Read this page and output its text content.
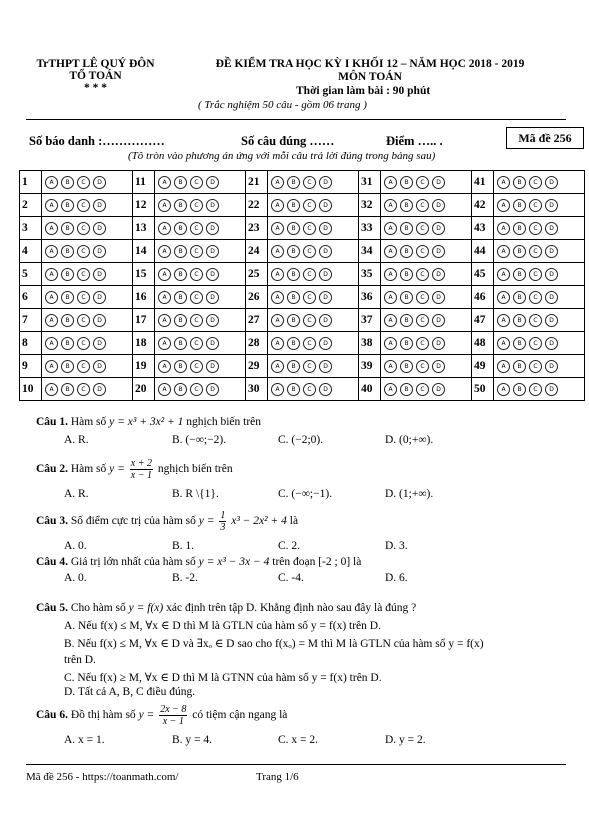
TrTHPT LÊ QUÝ ĐÔN
TỔ TOÁN
* * *
ĐỀ KIỂM TRA HỌC KỲ I KHỐI 12 – NĂM HỌC 2018 - 2019
MÔN TOÁN
Thời gian làm bài : 90 phút
( Trắc nghiệm 50 câu - gồm 06 trang )
Số báo danh :……………	Số câu đúng ……	Điểm ….. .	Mã đề 256
(Tô tròn vào phương án ứng với mỗi câu trả lời đúng trong bảng sau)
1	A B C D	11	A B C D	21	A B C D	31	A B C D	41	A B C D
2	A B C D	12	A B C D	22	A B C D	32	A B C D	42	A B C D
3	A B C D	13	A B C D	23	A B C D	33	A B C D	43	A B C D
4	A B C D	14	A B C D	24	A B C D	34	A B C D	44	A B C D
5	A B C D	15	A B C D	25	A B C D	35	A B C D	45	A B C D
6	A B C D	16	A B C D	26	A B C D	36	A B C D	46	A B C D
7	A B C D	17	A B C D	27	A B C D	37	A B C D	47	A B C D
8	A B C D	18	A B C D	28	A B C D	38	A B C D	48	A B C D
9	A B C D	19	A B C D	29	A B C D	39	A B C D	49	A B C D
10	A B C D	20	A B C D	30	A B C D	40	A B C D	50	A B C D
Câu 1. Hàm số y = x³ + 3x² + 1 nghịch biến trên
A. R.	B. (−∞;−2).	C. (−2;0).	D. (0;+∞).
Câu 2. Hàm số $y = \frac{x + 2}{x - 1}$ nghịch biến trên
A. R.	B. R \{1}.	C. (−∞;−1).	D. (1;+∞).
Câu 3. Số điểm cực trị của hàm số $y = \frac{1}{3} x^3 - 2x^2 + 4$ là
A. 0.	B. 1.	C. 2.	D. 3.
Câu 4. Giá trị lớn nhất của hàm số y = x³ − 3x − 4 trên đoạn [-2 ; 0] là
A. 0.	B. -2.	C. -4.	D. 6.
Câu 5. Cho hàm số y = f(x) xác định trên tập D. Khẳng định nào sau đây là đúng ?
A. Nếu f(x) ≤ M, ∀x ∈ D thì M là GTLN của hàm số y = f(x) trên D.
B. Nếu f(x) ≤ M, ∀x ∈ D và ∃xₒ ∈ D sao cho f(xₒ) = M thì M là GTLN của hàm số y = f(x)
trên D.
C. Nếu f(x) ≥ M, ∀x ∈ D thì M là GTNN của hàm số y = f(x) trên D.
D. Tất cả A, B, C điều đúng.
Câu 6. Đồ thị hàm số $y = \frac{2x - 8}{x - 1}$ có tiệm cận ngang là
A. x = 1.	B. y = 4.	C. x = 2.	D. y = 2.
Mã đề 256 - https://toanmath.com/	Trang 1/6
